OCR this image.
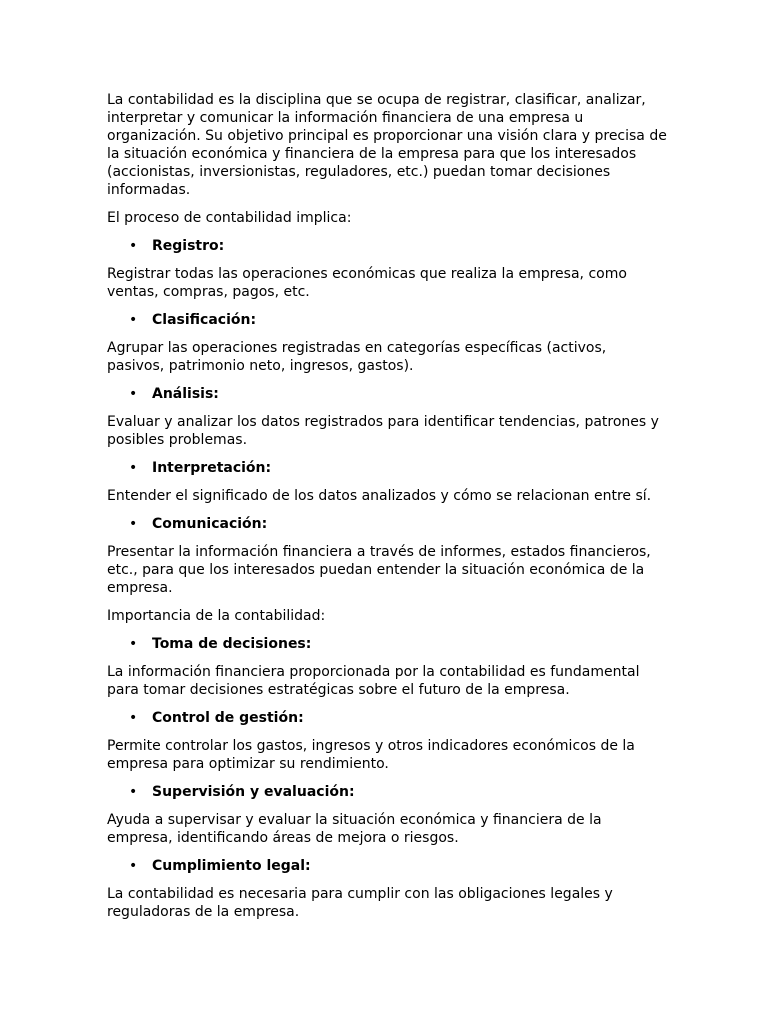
La contabilidad es la disciplina que se ocupa de registrar, clasificar, analizar, interpretar y comunicar la información financiera de una empresa u organización. Su objetivo principal es proporcionar una visión clara y precisa de la situación económica y financiera de la empresa para que los interesados (accionistas, inversionistas, reguladores, etc.) puedan tomar decisiones informadas.

El proceso de contabilidad implica:

• Registro:

Registrar todas las operaciones económicas que realiza la empresa, como ventas, compras, pagos, etc.

• Clasificación:

Agrupar las operaciones registradas en categorías específicas (activos, pasivos, patrimonio neto, ingresos, gastos).

• Análisis:

Evaluar y analizar los datos registrados para identificar tendencias, patrones y posibles problemas.

• Interpretación:

Entender el significado de los datos analizados y cómo se relacionan entre sí.

• Comunicación:

Presentar la información financiera a través de informes, estados financieros, etc., para que los interesados puedan entender la situación económica de la empresa.

Importancia de la contabilidad:

• Toma de decisiones:

La información financiera proporcionada por la contabilidad es fundamental para tomar decisiones estratégicas sobre el futuro de la empresa.

• Control de gestión:

Permite controlar los gastos, ingresos y otros indicadores económicos de la empresa para optimizar su rendimiento.

• Supervisión y evaluación:

Ayuda a supervisar y evaluar la situación económica y financiera de la empresa, identificando áreas de mejora o riesgos.

• Cumplimiento legal:

La contabilidad es necesaria para cumplir con las obligaciones legales y reguladoras de la empresa.
